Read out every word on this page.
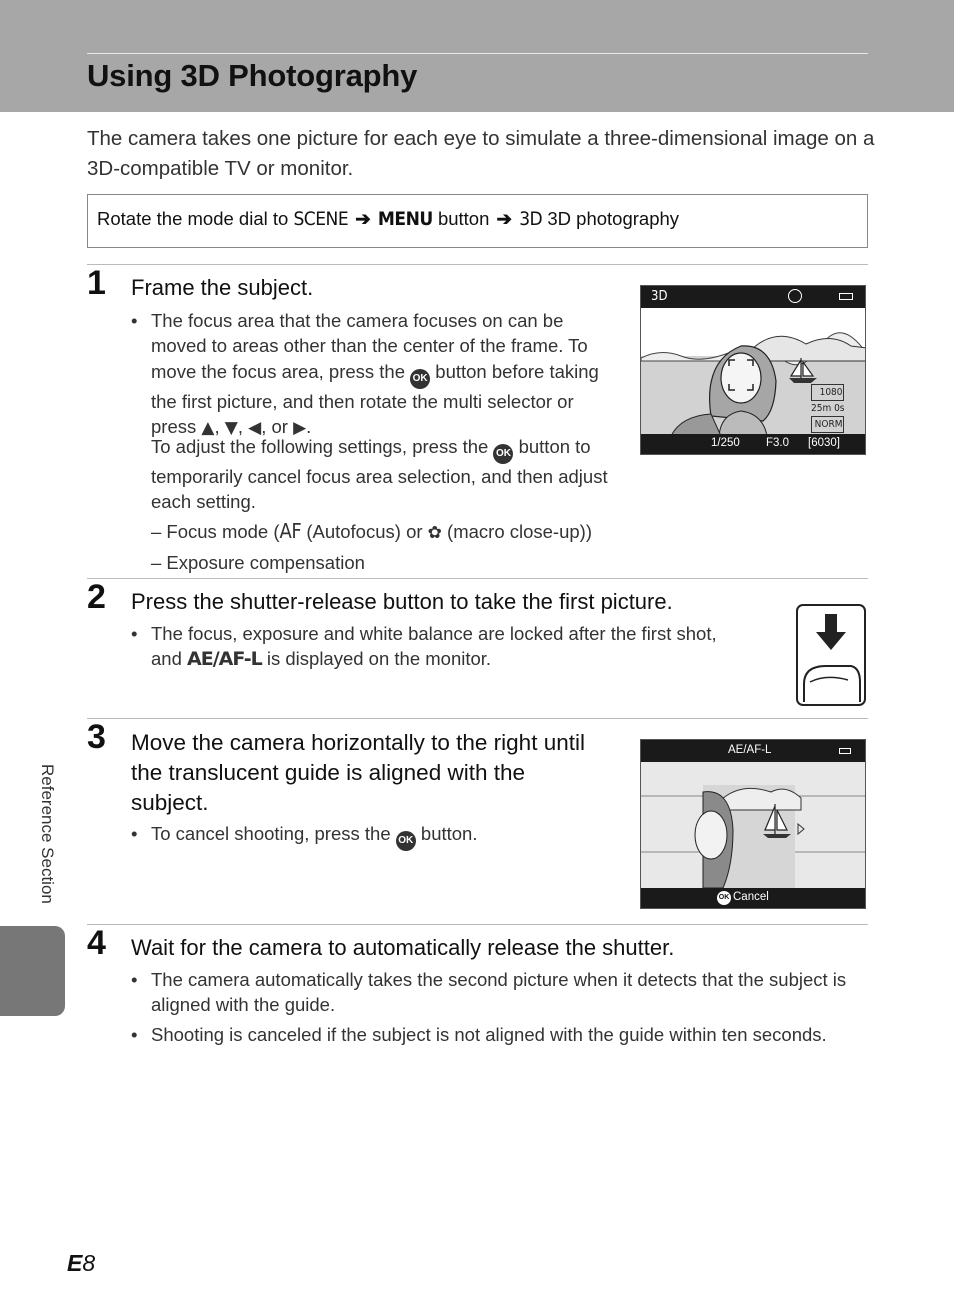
Using 3D Photography

The camera takes one picture for each eye to simulate a three-dimensional image on a 3D-compatible TV or monitor.

Rotate the mode dial to SCENE ➔ MENU button ➔ 3D 3D photography
1 Frame the subject.
• The focus area that the camera focuses on can be moved to areas other than the center of the frame. To move the focus area, press the OK button before taking the first picture, and then rotate the multi selector or press ▲, ▼, ◀, or ▶.
To adjust the following settings, press the OK button to temporarily cancel focus area selection, and then adjust each setting.
– Focus mode (AF (Autofocus) or ✿ (macro close-up))
– Exposure compensation
3D
1080
25m 0s
NORM
1/250 F3.0 [6030]
2 Press the shutter-release button to take the first picture.
• The focus, exposure and white balance are locked after the first shot, and AE/AF-L is displayed on the monitor.
3 Move the camera horizontally to the right until the translucent guide is aligned with the subject.
• To cancel shooting, press the OK button.
AE/AF-L
OK Cancel
4 Wait for the camera to automatically release the shutter.
• The camera automatically takes the second picture when it detects that the subject is aligned with the guide.
• Shooting is canceled if the subject is not aligned with the guide within ten seconds.
Reference Section
E8
